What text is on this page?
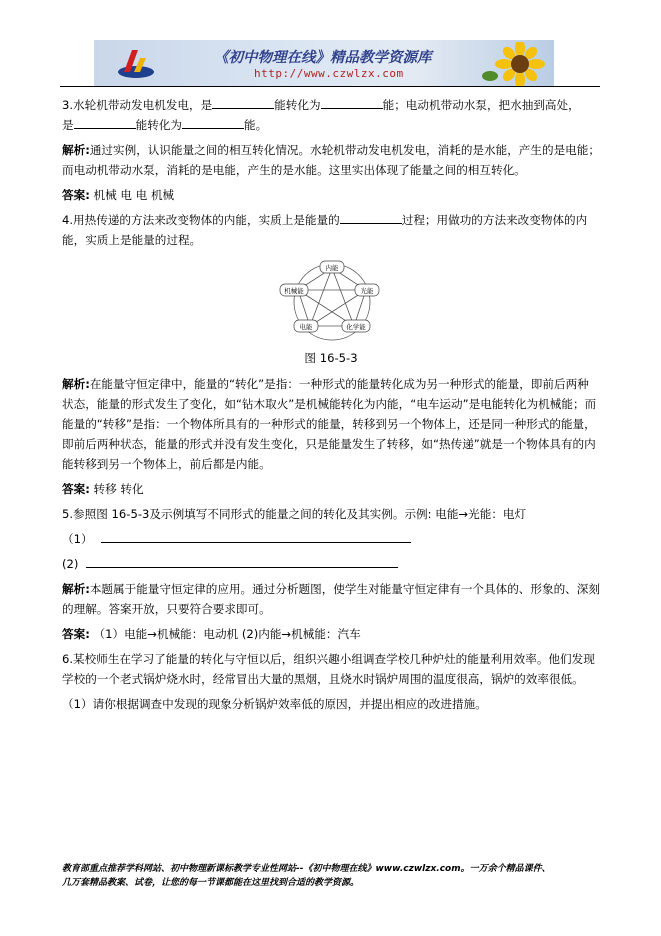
《初中物理在线》精品教学资源库
http://www.czwlzx.com
3.水轮机带动发电机发电，是	能转化为	能；电动机带动水泵，把水抽到高处，
是	能转化为	能。
解析:通过实例，认识能量之间的相互转化情况。水轮机带动发电机发电，消耗的是水能，产生的是电能；而电动机带动水泵，消耗的是电能，产生的是水能。这里实出体现了能量之间的相互转化。
答案: 机械 电 电 机械
4.用热传递的方法来改变物体的内能，实质上是能量的	过程；用做功的方法来改变物体的内能，实质上是能量的过程。
内能
光能
化学能
电能
机械能
图 16-5-3
解析:在能量守恒定律中，能量的“转化”是指：一种形式的能量转化成为另一种形式的能量，即前后两种状态，能量的形式发生了变化，如“钻木取火”是机械能转化为内能，“电车运动”是电能转化为机械能；而能量的“转移”是指：一个物体所具有的一种形式的能量，转移到另一个物体上，还是同一种形式的能量，即前后两种状态，能量的形式并没有发生变化，只是能量发生了转移，如“热传递”就是一个物体具有的内能转移到另一个物体上，前后都是内能。
答案: 转移 转化
5.参照图 16-5-3及示例填写不同形式的能量之间的转化及其实例。示例: 电能→光能：电灯
（1）
(2)
解析:本题属于能量守恒定律的应用。通过分析题图，使学生对能量守恒定律有一个具体的、形象的、深刻的理解。答案开放，只要符合要求即可。
答案: （1）电能→机械能：电动机 (2)内能→机械能：汽车
6.某校师生在学习了能量的转化与守恒以后，组织兴趣小组调查学校几种炉灶的能量利用效率。他们发现学校的一个老式锅炉烧水时，经常冒出大量的黑烟，且烧水时锅炉周围的温度很高，锅炉的效率很低。
（1）请你根据调查中发现的现象分析锅炉效率低的原因，并提出相应的改进措施。
教育部重点推荐学科网站、初中物理新课标教学专业性网站--《初中物理在线》www.czwlzx.com。一万余个精品课件、
几万套精品教案、试卷，让您的每一节课都能在这里找到合适的教学资源。
